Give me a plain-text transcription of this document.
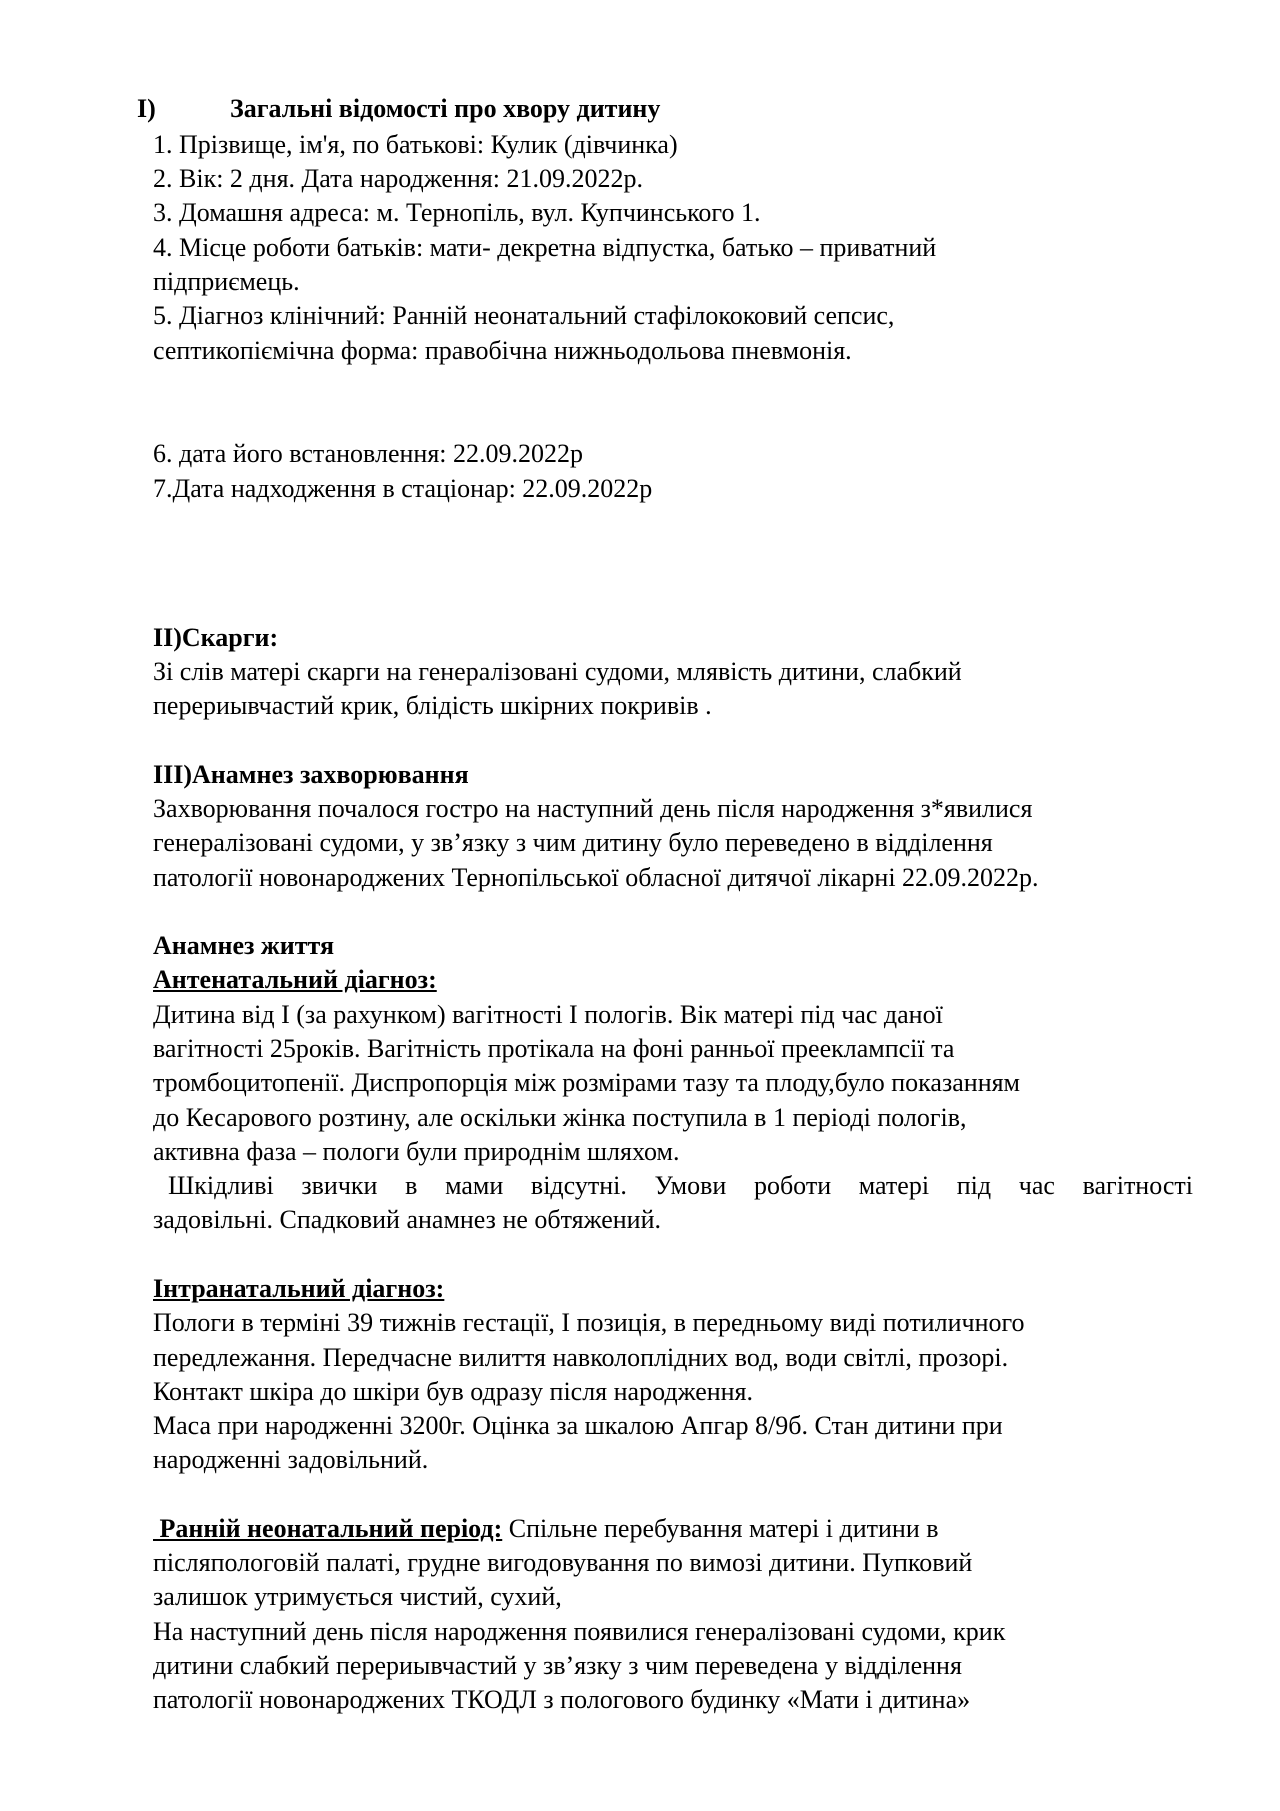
I)	Загальні відомості про хвору дитину
1. Прізвище, ім'я, по батькові: Кулик (дівчинка)
2. Вік: 2 дня. Дата народження: 21.09.2022р.
3. Домашня адреса: м. Тернопіль, вул. Купчинського 1.
4. Місце роботи батьків: мати- декретна відпустка, батько – приватний
підприємець.
5. Діагноз клінічний: Ранній неонатальний стафілококовий сепсис,
септикопіємічна форма: правобічна нижньодольова пневмонія.
6. дата його встановлення: 22.09.2022р
7.Дата надходження в стаціонар: 22.09.2022р
II)Скарги:
Зі слів матері скарги на генералізовані судоми, млявість дитини, слабкий
перериывчастий крик, блідість шкірних покривів .
III)Анамнез захворювання
Захворювання почалося гостро на наступний день після народження з*явилися
генералізовані судоми, у зв’язку з чим дитину було переведено в відділення
патології новонароджених Тернопільської обласної дитячої лікарні 22.09.2022р.
Анамнез життя
Антенатальний діагноз:
Дитина від І (за рахунком) вагітності І пологів. Вік матері під час даної
вагітності 25років. Вагітність протікала на фоні ранньої прееклампсії та
тромбоцитопенії. Диспропорція між розмірами тазу та плоду,було показанням
до Кесарового розтину, але оскільки жінка поступила в 1 періоді пологів,
активна фаза – пологи були природнім шляхом.
Шкідливі звички в мами відсутні. Умови роботи матері під час вагітності
задовільні. Спадковий анамнез не обтяжений.
Інтранатальний діагноз:
Пологи в терміні 39 тижнів гестації, І позиція, в передньому виді потиличного
передлежання. Передчасне вилиття навколоплідних вод, води світлі, прозорі.
Контакт шкіра до шкіри був одразу після народження.
Маса при народженні 3200г. Оцінка за шкалою Апгар 8/9б. Стан дитини при
народженні задовільний.
Ранній неонатальний період: Спільне перебування матері і дитини в
післяпологовій палаті, грудне вигодовування по вимозі дитини. Пупковий
залишок утримується чистий, сухий,
На наступний день після народження появилися генералізовані судоми, крик
дитини слабкий перериывчастий у зв’язку з чим переведена у відділення
патології новонароджених ТКОДЛ з пологового будинку «Мати і дитина»
